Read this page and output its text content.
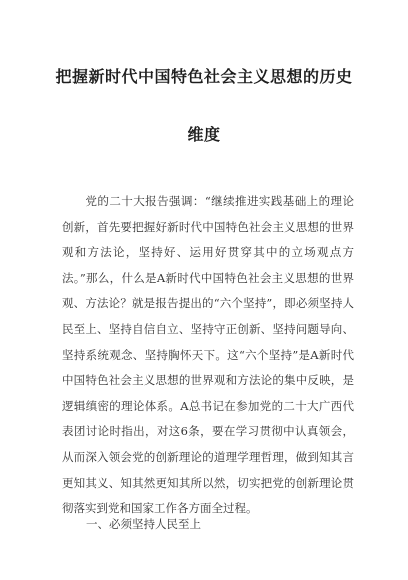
把握新时代中国特色社会主义思想的历史
维度

党的二十大报告强调：“继续推进实践基础上的理论创新，首先要把握好新时代中国特色社会主义思想的世界观和方法论，坚持好、运用好贯穿其中的立场观点方法。”那么，什么是A新时代中国特色社会主义思想的世界观、方法论？就是报告提出的“六个坚持”，即必须坚持人民至上、坚持自信自立、坚持守正创新、坚持问题导向、坚持系统观念、坚持胸怀天下。这“六个坚持”是A新时代中国特色社会主义思想的世界观和方法论的集中反映，是逻辑缜密的理论体系。A总书记在参加党的二十大广西代表团讨论时指出，对这6条，要在学习贯彻中认真领会，从而深入领会党的创新理论的道理学理哲理，做到知其言更知其义、知其然更知其所以然，切实把党的创新理论贯彻落实到党和国家工作各方面全过程。

一、必须坚持人民至上
